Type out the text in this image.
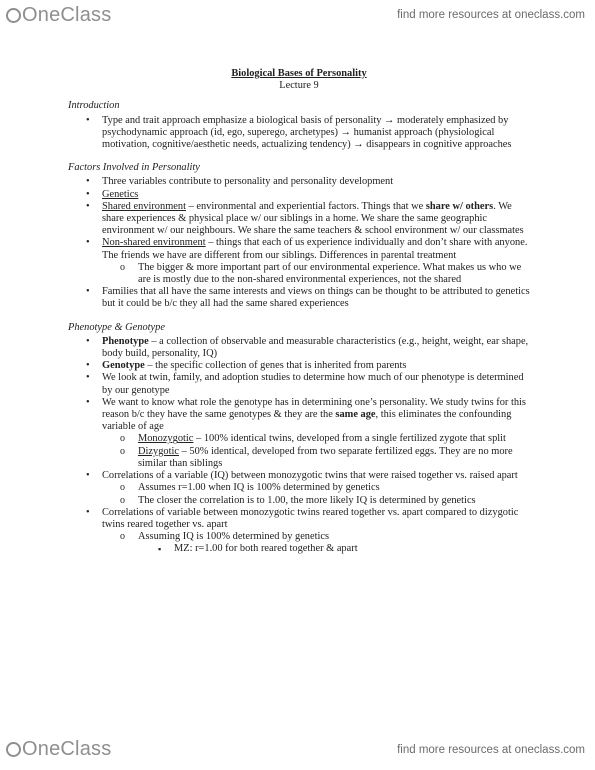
OneClass	find more resources at oneclass.com
Biological Bases of Personality
Lecture 9
Introduction
• Type and trait approach emphasize a biological basis of personality → moderately emphasized by psychodynamic approach (id, ego, superego, archetypes) → humanist approach (physiological motivation, cognitive/aesthetic needs, actualizing tendency) → disappears in cognitive approaches
Factors Involved in Personality
• Three variables contribute to personality and personality development
• Genetics
• Shared environment – environmental and experiential factors. Things that we share w/ others. We share experiences & physical place w/ our siblings in a home. We share the same geographic environment w/ our neighbours. We share the same teachers & school environment w/ our classmates
• Non-shared environment – things that each of us experience individually and don’t share with anyone. The friends we have are different from our siblings. Differences in parental treatment
o The bigger & more important part of our environmental experience. What makes us who we are is mostly due to the non-shared environmental experiences, not the shared
• Families that all have the same interests and views on things can be thought to be attributed to genetics but it could be b/c they all had the same shared experiences
Phenotype & Genotype
• Phenotype – a collection of observable and measurable characteristics (e.g., height, weight, ear shape, body build, personality, IQ)
• Genotype – the specific collection of genes that is inherited from parents
• We look at twin, family, and adoption studies to determine how much of our phenotype is determined by our genotype
• We want to know what role the genotype has in determining one’s personality. We study twins for this reason b/c they have the same genotypes & they are the same age, this eliminates the confounding variable of age
o Monozygotic – 100% identical twins, developed from a single fertilized zygote that split
o Dizygotic – 50% identical, developed from two separate fertilized eggs. They are no more similar than siblings
• Correlations of a variable (IQ) between monozygotic twins that were raised together vs. raised apart
o Assumes r=1.00 when IQ is 100% determined by genetics
o The closer the correlation is to 1.00, the more likely IQ is determined by genetics
• Correlations of variable between monozygotic twins reared together vs. apart compared to dizygotic twins reared together vs. apart
o Assuming IQ is 100% determined by genetics
▪ MZ: r=1.00 for both reared together & apart
OneClass	find more resources at oneclass.com
